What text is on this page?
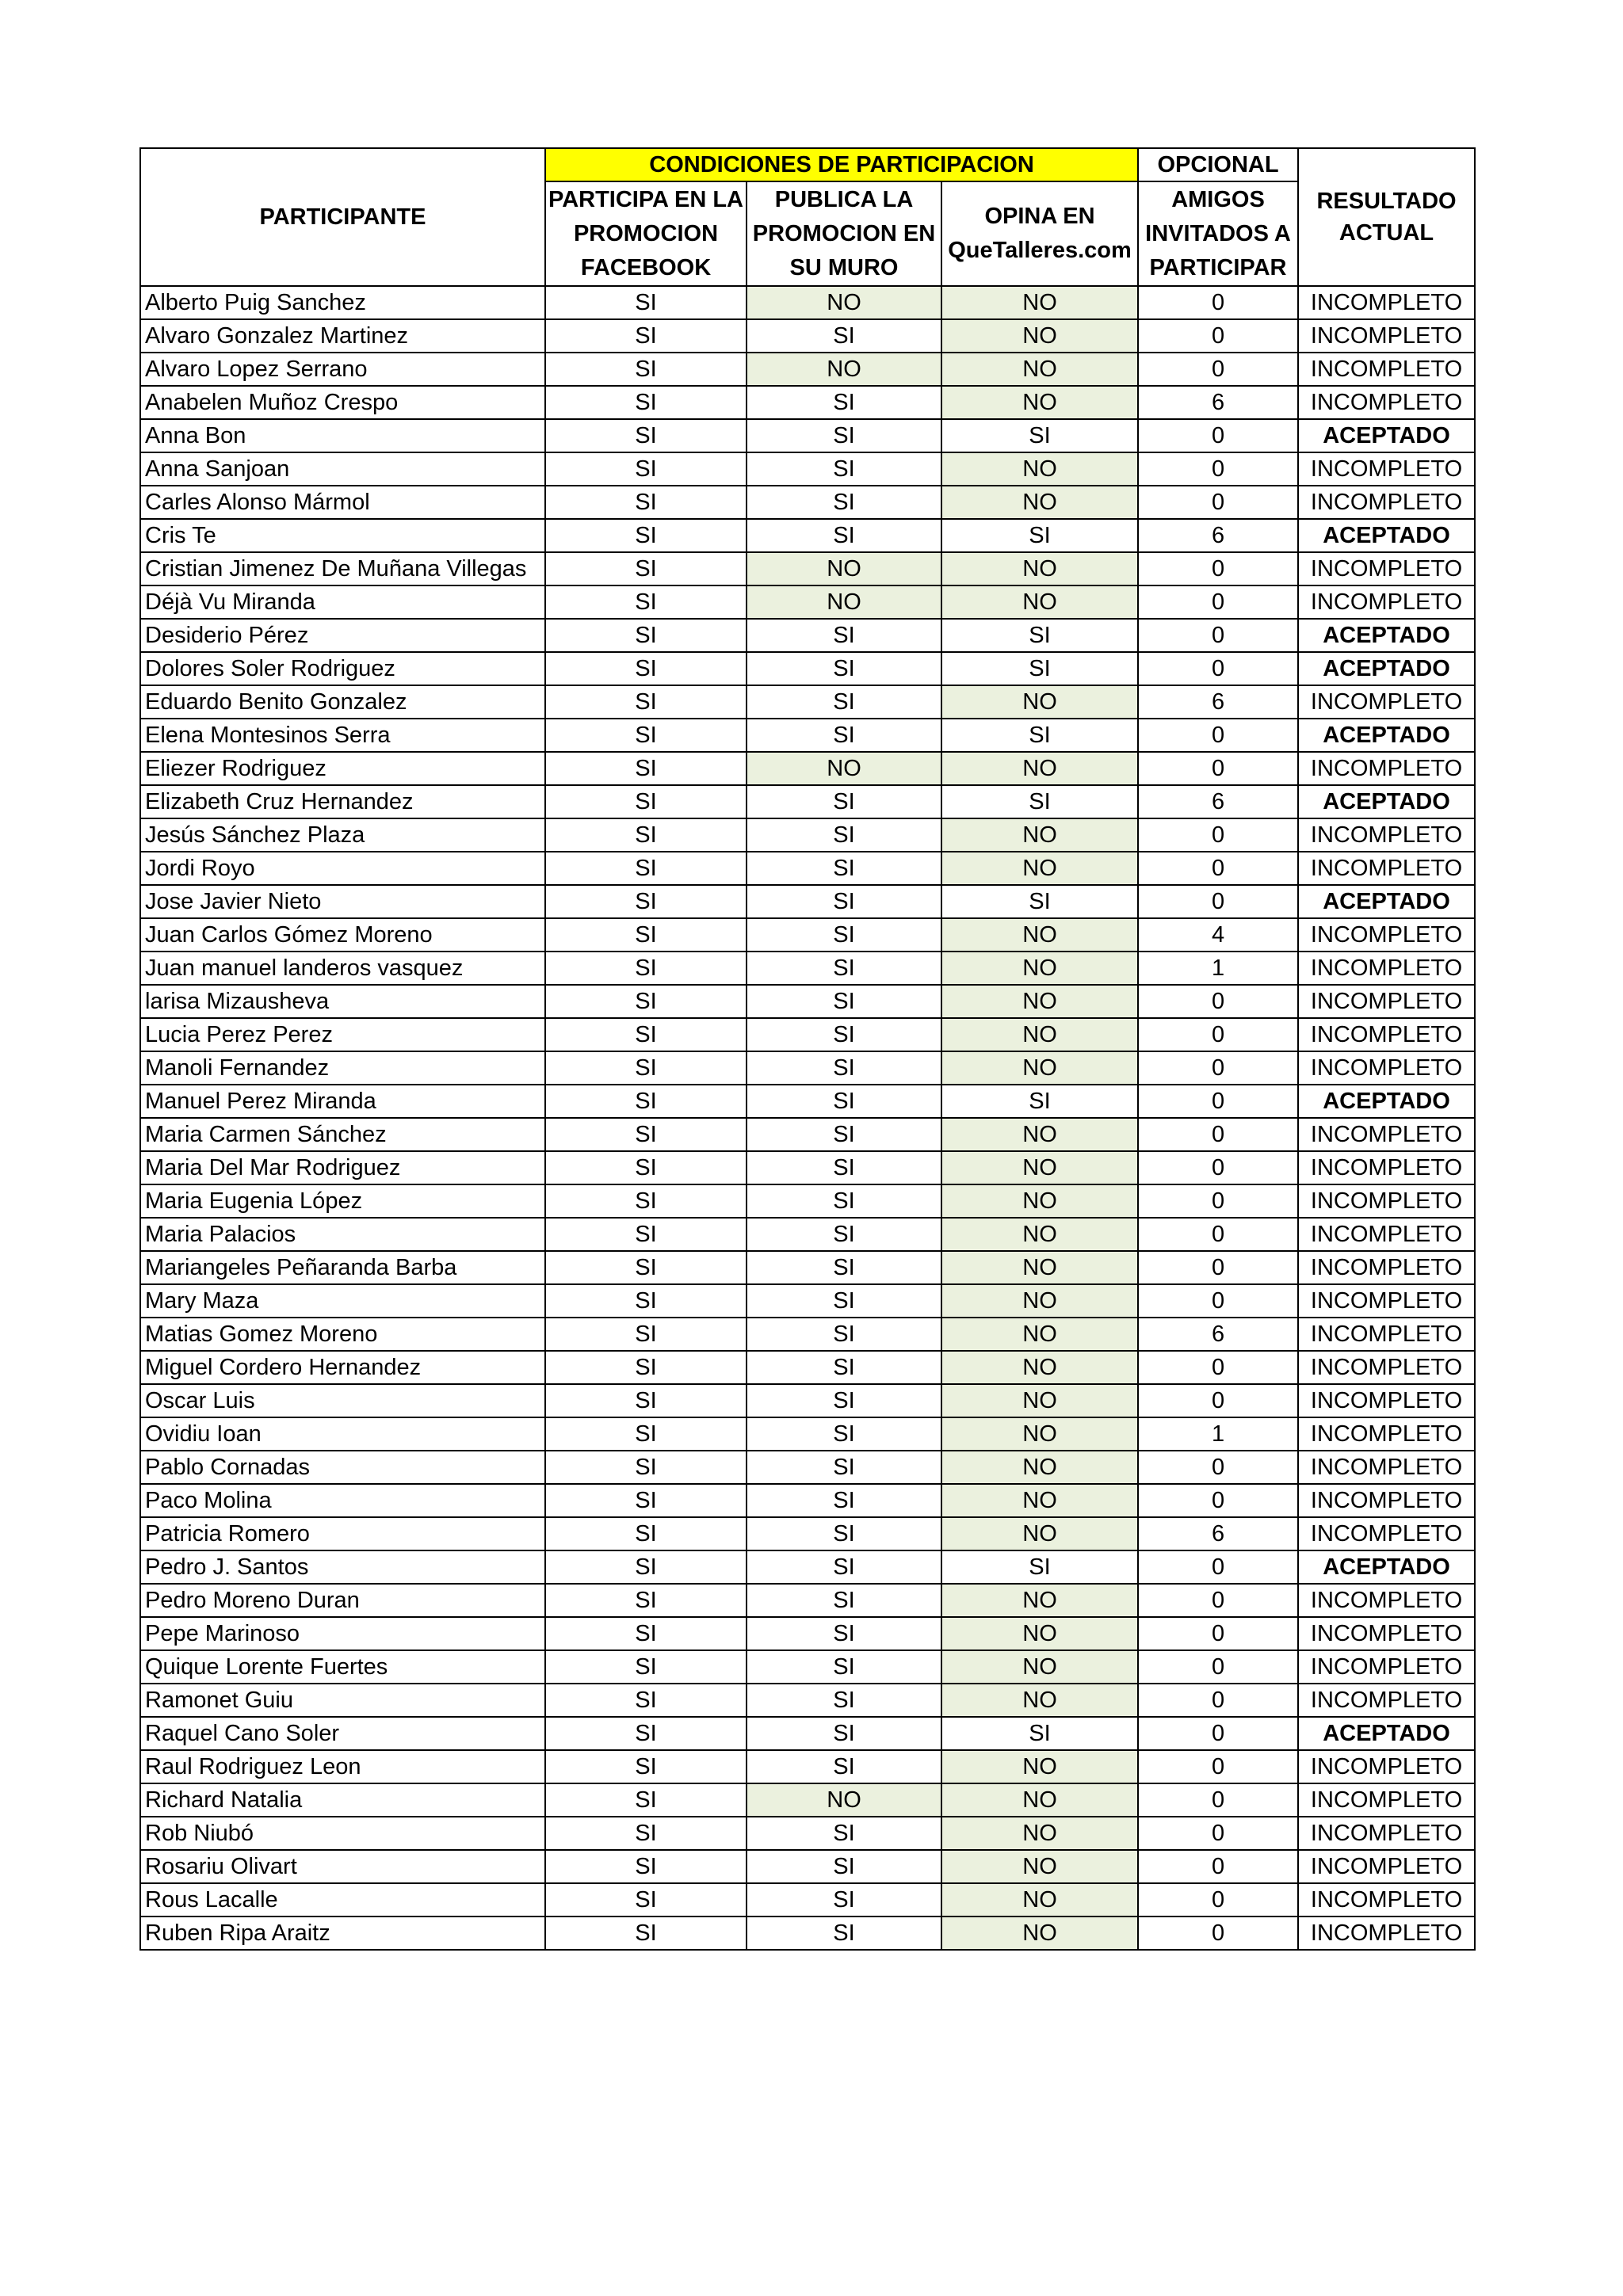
PARTICIPANTE	CONDICIONES DE PARTICIPACION			OPCIONAL	RESULTADO ACTUAL
	PARTICIPA EN LA PROMOCION FACEBOOK	PUBLICA LA PROMOCION EN SU MURO	OPINA EN QueTalleres.com	AMIGOS INVITADOS A PARTICIPAR	
Alberto Puig Sanchez	SI	NO	NO	0	INCOMPLETO
Alvaro Gonzalez Martinez	SI	SI	NO	0	INCOMPLETO
Alvaro Lopez Serrano	SI	NO	NO	0	INCOMPLETO
Anabelen Muñoz Crespo	SI	SI	NO	6	INCOMPLETO
Anna Bon	SI	SI	SI	0	ACEPTADO
Anna Sanjoan	SI	SI	NO	0	INCOMPLETO
Carles Alonso Mármol	SI	SI	NO	0	INCOMPLETO
Cris Te	SI	SI	SI	6	ACEPTADO
Cristian Jimenez De Muñana Villegas	SI	NO	NO	0	INCOMPLETO
Déjà Vu Miranda	SI	NO	NO	0	INCOMPLETO
Desiderio Pérez	SI	SI	SI	0	ACEPTADO
Dolores Soler Rodriguez	SI	SI	SI	0	ACEPTADO
Eduardo Benito Gonzalez	SI	SI	NO	6	INCOMPLETO
Elena Montesinos Serra	SI	SI	SI	0	ACEPTADO
Eliezer Rodriguez	SI	NO	NO	0	INCOMPLETO
Elizabeth Cruz Hernandez	SI	SI	SI	6	ACEPTADO
Jesús Sánchez Plaza	SI	SI	NO	0	INCOMPLETO
Jordi Royo	SI	SI	NO	0	INCOMPLETO
Jose Javier Nieto	SI	SI	SI	0	ACEPTADO
Juan Carlos Gómez Moreno	SI	SI	NO	4	INCOMPLETO
Juan manuel landeros vasquez	SI	SI	NO	1	INCOMPLETO
larisa Mizausheva	SI	SI	NO	0	INCOMPLETO
Lucia Perez Perez	SI	SI	NO	0	INCOMPLETO
Manoli Fernandez	SI	SI	NO	0	INCOMPLETO
Manuel Perez Miranda	SI	SI	SI	0	ACEPTADO
Maria Carmen Sánchez	SI	SI	NO	0	INCOMPLETO
Maria Del Mar Rodriguez	SI	SI	NO	0	INCOMPLETO
Maria Eugenia López	SI	SI	NO	0	INCOMPLETO
Maria Palacios	SI	SI	NO	0	INCOMPLETO
Mariangeles Peñaranda Barba	SI	SI	NO	0	INCOMPLETO
Mary Maza	SI	SI	NO	0	INCOMPLETO
Matias Gomez Moreno	SI	SI	NO	6	INCOMPLETO
Miguel Cordero Hernandez	SI	SI	NO	0	INCOMPLETO
Oscar Luis	SI	SI	NO	0	INCOMPLETO
Ovidiu Ioan	SI	SI	NO	1	INCOMPLETO
Pablo Cornadas	SI	SI	NO	0	INCOMPLETO
Paco Molina	SI	SI	NO	0	INCOMPLETO
Patricia Romero	SI	SI	NO	6	INCOMPLETO
Pedro J. Santos	SI	SI	SI	0	ACEPTADO
Pedro Moreno Duran	SI	SI	NO	0	INCOMPLETO
Pepe Marinoso	SI	SI	NO	0	INCOMPLETO
Quique Lorente Fuertes	SI	SI	NO	0	INCOMPLETO
Ramonet Guiu	SI	SI	NO	0	INCOMPLETO
Raquel Cano Soler	SI	SI	SI	0	ACEPTADO
Raul Rodriguez Leon	SI	SI	NO	0	INCOMPLETO
Richard Natalia	SI	NO	NO	0	INCOMPLETO
Rob Niubó	SI	SI	NO	0	INCOMPLETO
Rosariu Olivart	SI	SI	NO	0	INCOMPLETO
Rous Lacalle	SI	SI	NO	0	INCOMPLETO
Ruben Ripa Araitz	SI	SI	NO	0	INCOMPLETO
